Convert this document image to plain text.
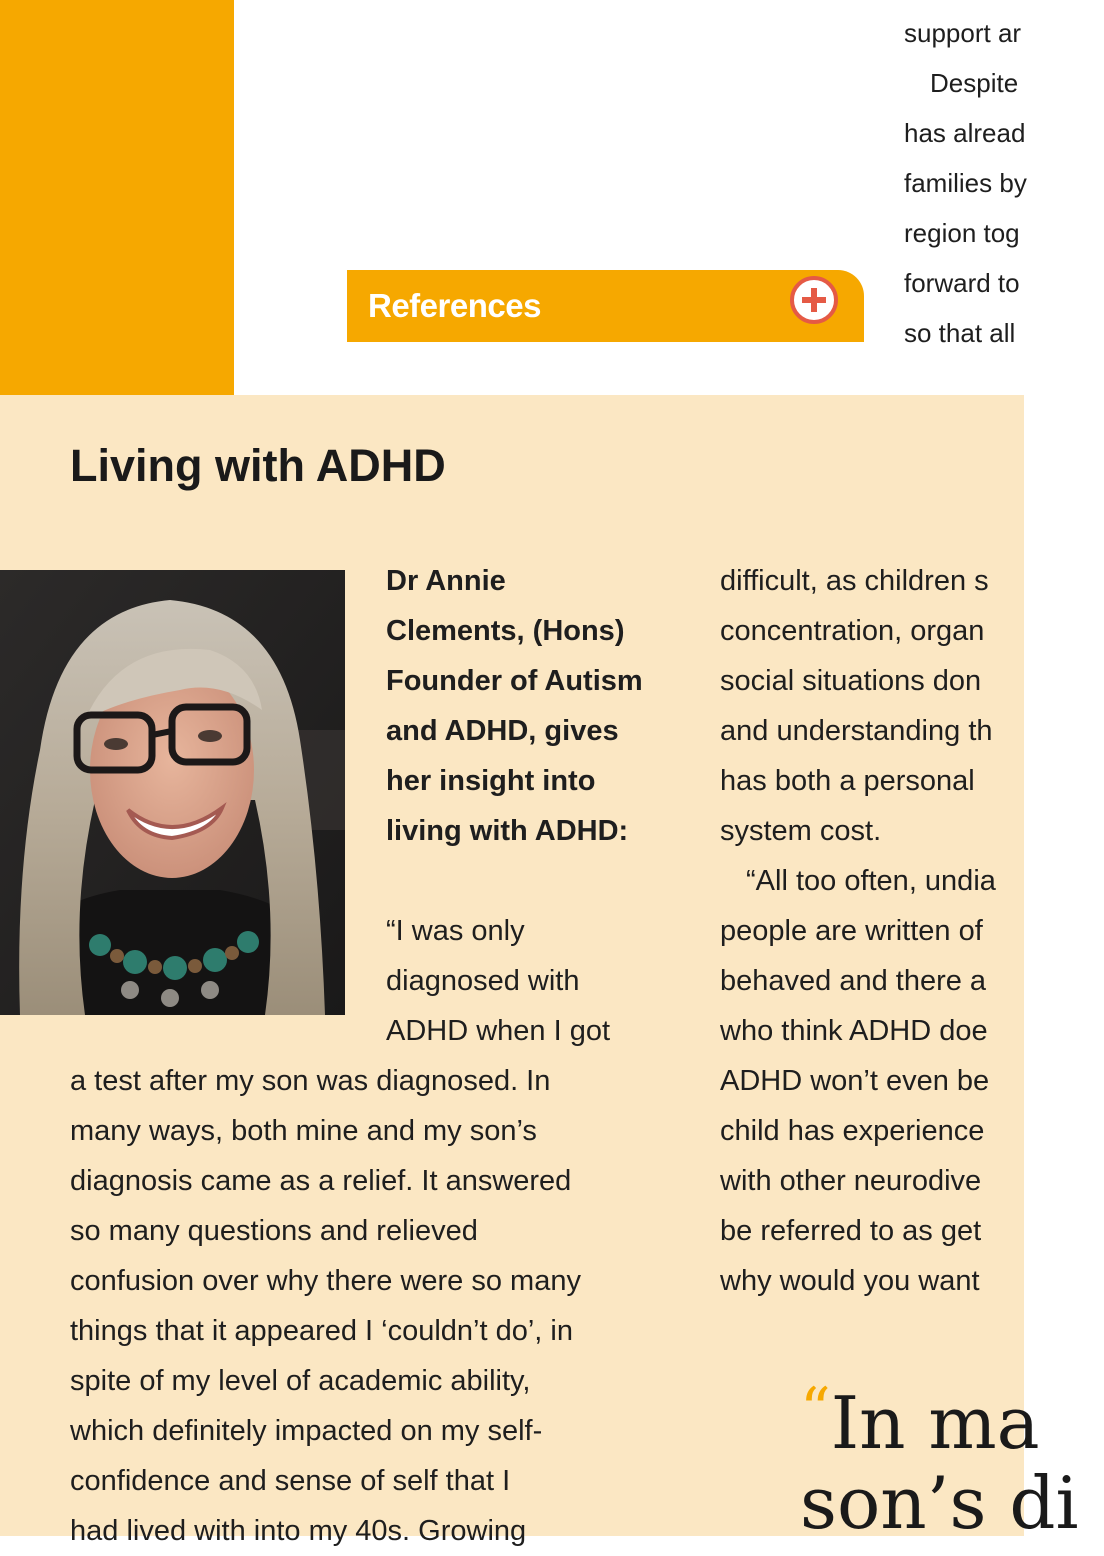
References
support ar
Despite
has alread
families by
region tog
forward to
so that all
Living with ADHD
Dr Annie
Clements, (Hons)
Founder of Autism
and ADHD, gives
her insight into
living with ADHD:
“I was only
diagnosed with
ADHD when I got
a test after my son was diagnosed. In
many ways, both mine and my son’s
diagnosis came as a relief. It answered
so many questions and relieved
confusion over why there were so many
things that it appeared I ‘couldn’t do’, in
spite of my level of academic ability,
which definitely impacted on my self-
confidence and sense of self that I
had lived with into my 40s. Growing
difficult, as children s
concentration, organ
social situations don
and understanding th
has both a personal
system cost.
“All too often, undia
people are written of
behaved and there a
who think ADHD doe
ADHD won’t even be
child has experience
with other neurodive
be referred to as get
why would you want
“In ma
son’s di
